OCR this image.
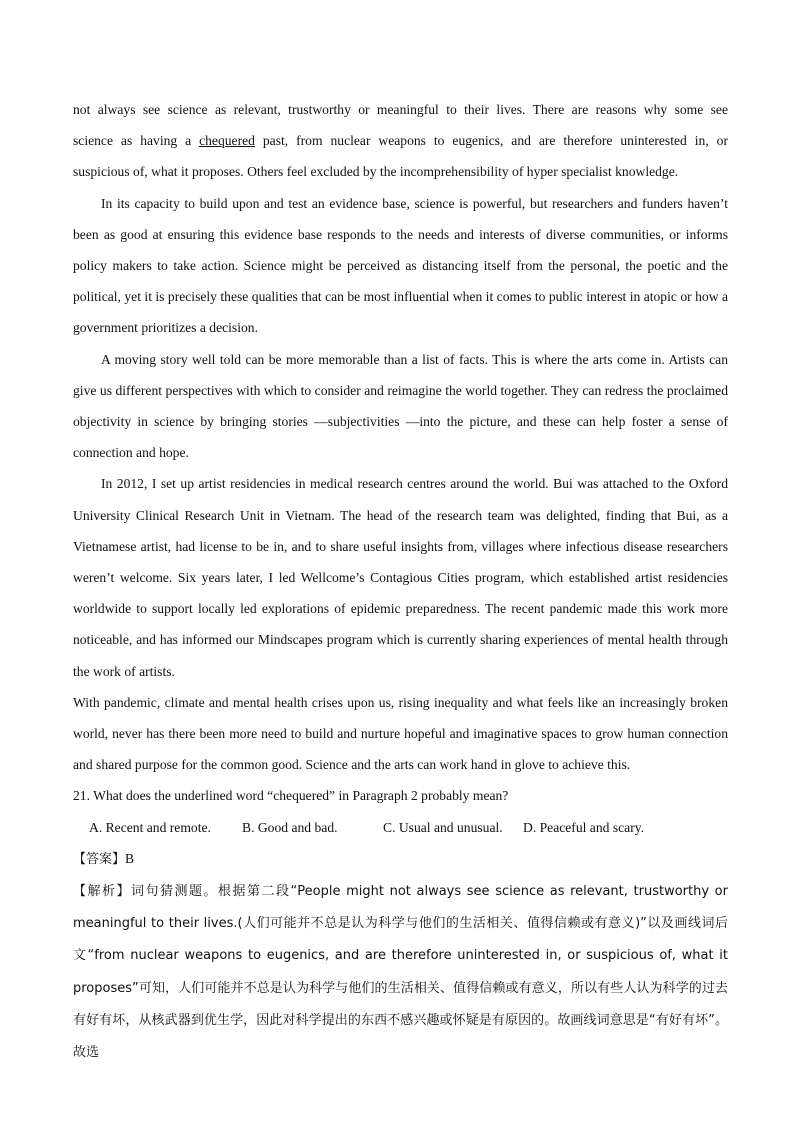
not always see science as relevant, trustworthy or meaningful to their lives. There are reasons why some see

science as having a chequered past, from nuclear weapons to eugenics, and are therefore uninterested in, or

suspicious of, what it proposes. Others feel excluded by the incomprehensibility of hyper specialist knowledge.

In its capacity to build upon and test an evidence base, science is powerful, but researchers and funders haven’t been as good at ensuring this evidence base responds to the needs and interests of diverse communities, or informs policy makers to take action. Science might be perceived as distancing itself from the personal, the poetic and the political, yet it is precisely these qualities that can be most influential when it comes to public interest in atopic or how a government prioritizes a decision.

A moving story well told can be more memorable than a list of facts. This is where the arts come in. Artists can give us different perspectives with which to consider and reimagine the world together. They can redress the proclaimed objectivity in science by bringing stories —subjectivities —into the picture, and these can help foster a sense of connection and hope.

In 2012, I set up artist residencies in medical research centres around the world. Bui was attached to the Oxford University Clinical Research Unit in Vietnam. The head of the research team was delighted, finding that Bui, as a Vietnamese artist, had license to be in, and to share useful insights from, villages where infectious disease researchers weren’t welcome. Six years later, I led Wellcome’s Contagious Cities program, which established artist residencies worldwide to support locally led explorations of epidemic preparedness. The recent pandemic made this work more noticeable, and has informed our Mindscapes program which is currently sharing experiences of mental health through the work of artists.

With pandemic, climate and mental health crises upon us, rising inequality and what feels like an increasingly broken world, never has there been more need to build and nurture hopeful and imaginative spaces to grow human connection and shared purpose for the common good. Science and the arts can work hand in glove to achieve this.

21. What does the underlined word “chequered” in Paragraph 2 probably mean?

A. Recent and remote.	B. Good and bad.	C. Usual and unusual.	D. Peaceful and scary.
【答案】B

【解析】词句猜测题。根据第二段“People might not always see science as relevant, trustworthy or meaningful to their lives.(人们可能并不总是认为科学与他们的生活相关、值得信赖或有意义)”以及画线词后文“from nuclear weapons to eugenics, and are therefore uninterested in, or suspicious of, what it proposes”可知，人们可能并不总是认为科学与他们的生活相关、值得信赖或有意义，所以有些人认为科学的过去有好有坏，从核武器到优生学，因此对科学提出的东西不感兴趣或怀疑是有原因的。故画线词意思是“有好有坏”。故选
